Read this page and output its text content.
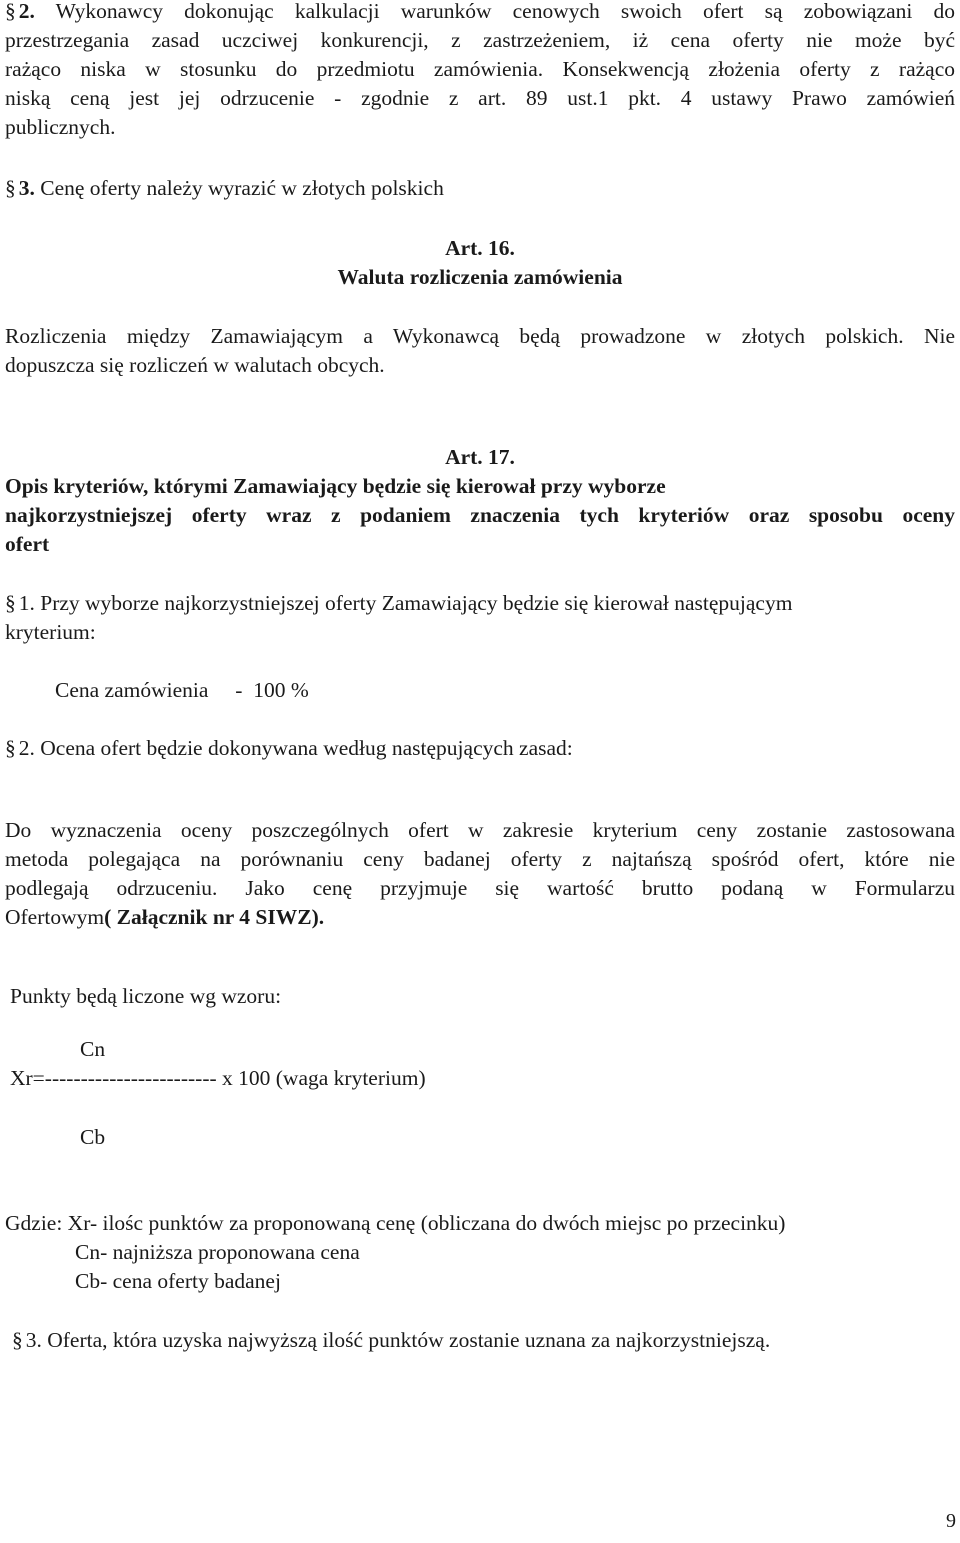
§ 2. Wykonawcy dokonując kalkulacji warunków cenowych swoich ofert są zobowiązani do
przestrzegania zasad uczciwej konkurencji, z zastrzeżeniem, iż cena oferty nie może być
rażąco niska w stosunku do przedmiotu zamówienia. Konsekwencją złożenia oferty z rażąco
niską ceną jest jej odrzucenie - zgodnie z art. 89 ust.1 pkt. 4 ustawy Prawo zamówień
publicznych.
§ 3. Cenę oferty należy wyrazić w złotych polskich
Art. 16.
Waluta rozliczenia zamówienia
Rozliczenia między Zamawiającym a Wykonawcą będą prowadzone w złotych polskich. Nie
dopuszcza się rozliczeń w walutach obcych.
Art. 17.
Opis kryteriów, którymi Zamawiający będzie się kierował przy wyborze
najkorzystniejszej oferty wraz z podaniem znaczenia tych kryteriów oraz sposobu oceny
ofert
§ 1. Przy wyborze najkorzystniejszej oferty Zamawiający będzie się kierował następującym
kryterium:
Cena zamówienia     -  100 %
§ 2. Ocena ofert będzie dokonywana według następujących zasad:
Do wyznaczenia oceny poszczególnych ofert w zakresie kryterium ceny zostanie zastosowana
metoda polegająca na porównaniu ceny badanej oferty z najtańszą spośród ofert, które nie
podlegają odrzuceniu. Jako cenę przyjmuje się wartość brutto podaną w Formularzu
Ofertowym( Załącznik nr 4 SIWZ).
Punkty będą liczone wg wzoru:
Cn
Xr=------------------------ x 100 (waga kryterium)
Cb
Gdzie: Xr- ilośc punktów za proponowaną cenę (obliczana do dwóch miejsc po przecinku)
Cn- najniższa proponowana cena
Cb- cena oferty badanej
§ 3. Oferta, która uzyska najwyższą ilość punktów zostanie uznana za najkorzystniejszą.
9
